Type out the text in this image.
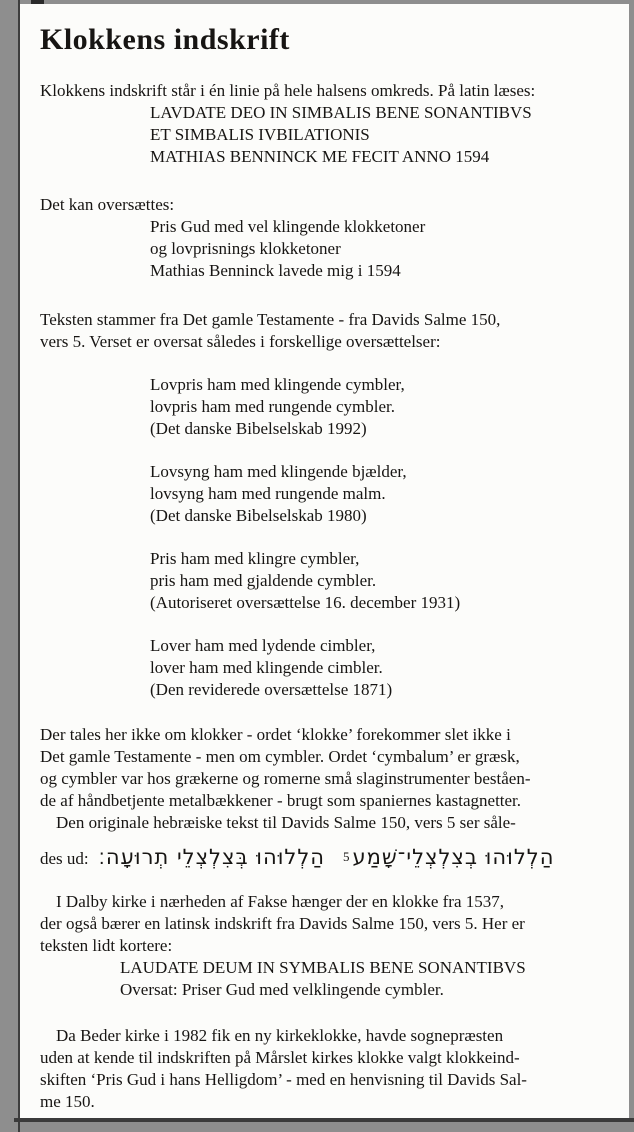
Klokkens indskrift
Klokkens indskrift står i én linie på hele halsens omkreds. På latin læses:
LAVDATE DEO IN SIMBALIS BENE SONANTIBVS
ET SIMBALIS IVBILATIONIS
MATHIAS BENNINCK ME FECIT ANNO 1594
Det kan oversættes:
Pris Gud med vel klingende klokketoner
og lovprisnings klokketoner
Mathias Benninck lavede mig i 1594
Teksten stammer fra Det gamle Testamente - fra Davids Salme 150,
vers 5. Verset er oversat således i forskellige oversættelser:
Lovpris ham med klingende cymbler,
lovpris ham med rungende cymbler.
(Det danske Bibelselskab 1992)
Lovsyng ham med klingende bjælder,
lovsyng ham med rungende malm.
(Det danske Bibelselskab 1980)
Pris ham med klingre cymbler,
pris ham med gjaldende cymbler.
(Autoriseret oversættelse 16. december 1931)
Lover ham med lydende cimbler,
lover ham med klingende cimbler.
(Den reviderede oversættelse 1871)
Der tales her ikke om klokker - ordet ‘klokke’ forekommer slet ikke i
Det gamle Testamente - men om cymbler. Ordet ‘cymbalum’ er græsk,
og cymbler var hos grækerne og romerne små slaginstrumenter beståen-
de af håndbetjente metalbækkener - brugt som spaniernes kastagnetter.
Den originale hebræiske tekst til Davids Salme 150, vers 5 ser såle-
des ud: הַלְלוּהוּ בְּצִלְצְלֵי תְרוּעָה׃ 5 הַלְלוּהוּ בְצִלְצְלֵי־שָׁמַע
I Dalby kirke i nærheden af Fakse hænger der en klokke fra 1537,
der også bærer en latinsk indskrift fra Davids Salme 150, vers 5. Her er
teksten lidt kortere:
LAUDATE DEUM IN SYMBALIS BENE SONANTIBVS
Oversat: Priser Gud med velklingende cymbler.
Da Beder kirke i 1982 fik en ny kirkeklokke, havde sognepræsten
uden at kende til indskriften på Mårslet kirkes klokke valgt klokkeind-
skiften ‘Pris Gud i hans Helligdom’ - med en henvisning til Davids Sal-
me 150.
